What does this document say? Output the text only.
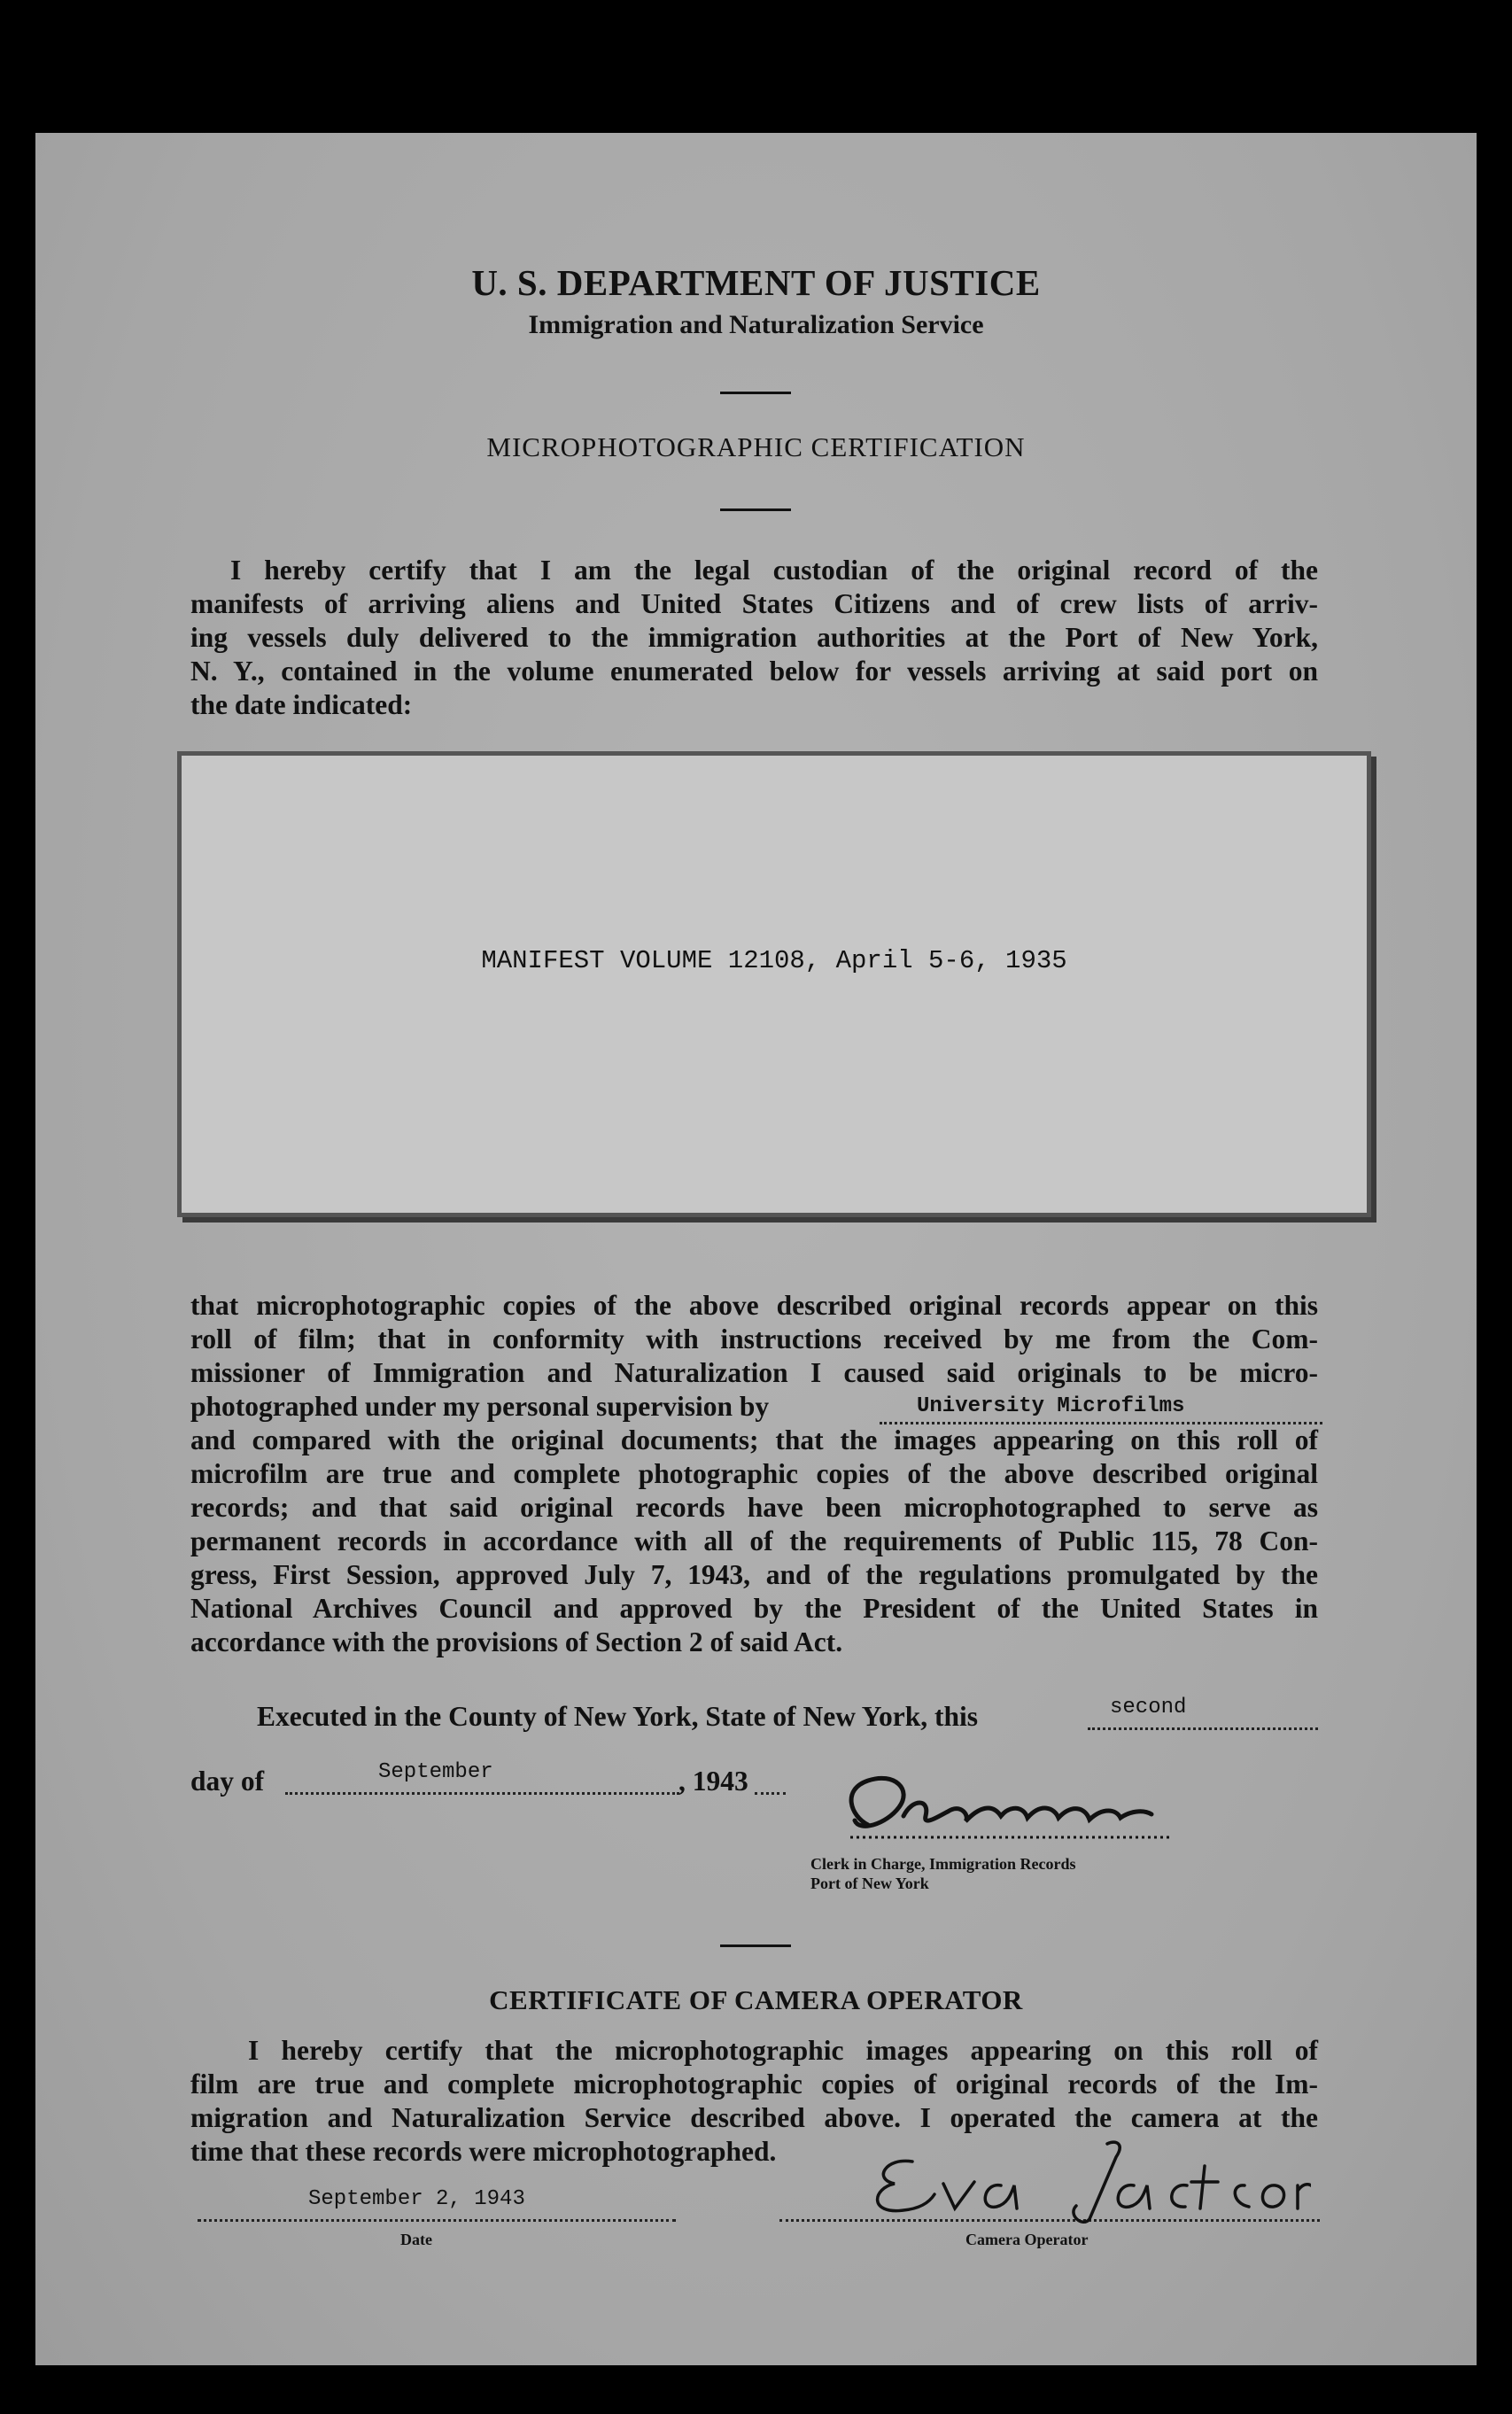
U. S. DEPARTMENT OF JUSTICE
Immigration and Naturalization Service
MICROPHOTOGRAPHIC CERTIFICATION
I hereby certify that I am the legal custodian of the original record of the
manifests of arriving aliens and United States Citizens and of crew lists of arriv-
ing vessels duly delivered to the immigration authorities at the Port of New York,
N. Y., contained in the volume enumerated below for vessels arriving at said port on
the date indicated:
MANIFEST VOLUME 12108, April 5-6, 1935
that microphotographic copies of the above described original records appear on this
roll of film; that in conformity with instructions received by me from the Com-
missioner of Immigration and Naturalization I caused said originals to be micro-
photographed under my personal supervision by	University Microfilms
and compared with the original documents; that the images appearing on this roll of
microfilm are true and complete photographic copies of the above described original
records; and that said original records have been microphotographed to serve as
permanent records in accordance with all of the requirements of Public 115, 78 Con-
gress, First Session, approved July 7, 1943, and of the regulations promulgated by the
National Archives Council and approved by the President of the United States in
accordance with the provisions of Section 2 of said Act.
Executed in the County of New York, State of New York, this	second
day of	September	, 1943
Clerk in Charge, Immigration Records
Port of New York
CERTIFICATE OF CAMERA OPERATOR
I hereby certify that the microphotographic images appearing on this roll of
film are true and complete microphotographic copies of original records of the Im-
migration and Naturalization Service described above. I operated the camera at the
time that these records were microphotographed.
September 2, 1943
Date	Camera Operator
